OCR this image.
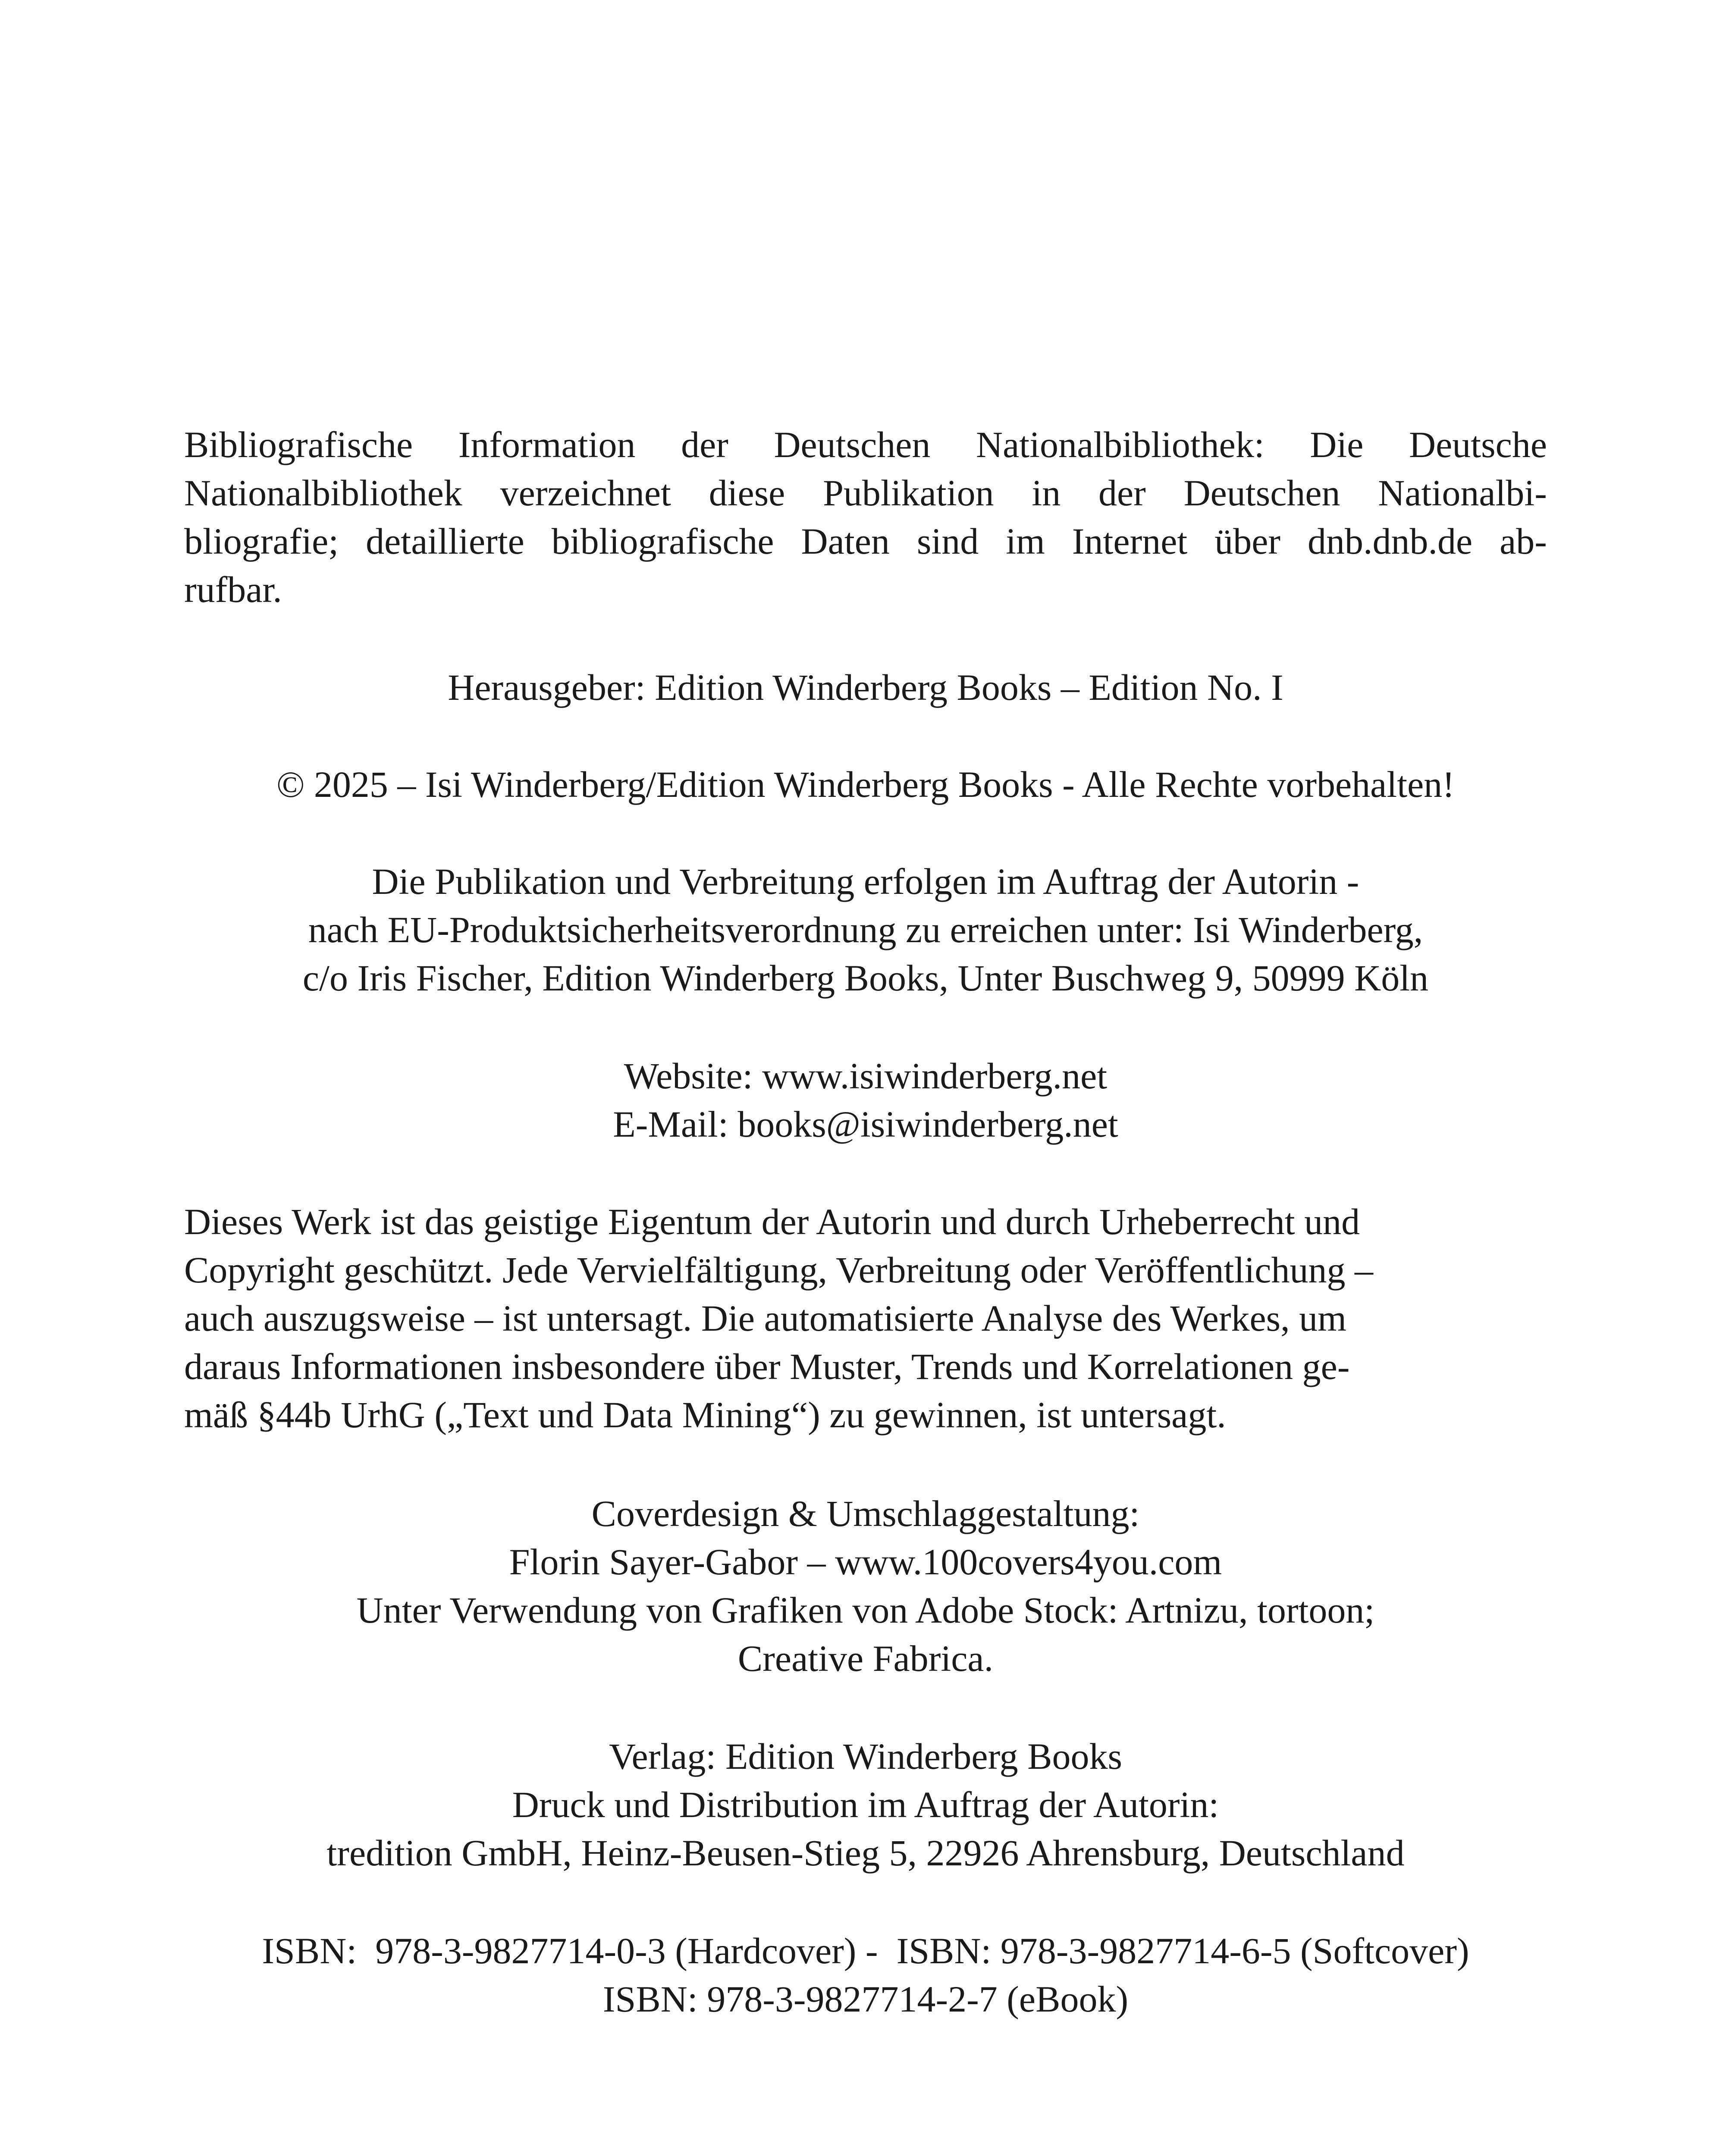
Bibliografische Information der Deutschen Nationalbibliothek: Die Deutsche
Nationalbibliothek verzeichnet diese Publikation in der Deutschen Nationalbi-
bliografie; detaillierte bibliografische Daten sind im Internet über dnb.dnb.de ab-
rufbar.
Herausgeber: Edition Winderberg Books – Edition No. I
© 2025 – Isi Winderberg/Edition Winderberg Books - Alle Rechte vorbehalten!
Die Publikation und Verbreitung erfolgen im Auftrag der Autorin -
nach EU-Produktsicherheitsverordnung zu erreichen unter: Isi Winderberg,
c/o Iris Fischer, Edition Winderberg Books, Unter Buschweg 9, 50999 Köln
Website: www.isiwinderberg.net
E-Mail: books@isiwinderberg.net
Dieses Werk ist das geistige Eigentum der Autorin und durch Urheberrecht und
Copyright geschützt. Jede Vervielfältigung, Verbreitung oder Veröffentlichung –
auch auszugsweise – ist untersagt. Die automatisierte Analyse des Werkes, um
daraus Informationen insbesondere über Muster, Trends und Korrelationen ge-
mäß §44b UrhG („Text und Data Mining“) zu gewinnen, ist untersagt.
Coverdesign & Umschlaggestaltung:
Florin Sayer-Gabor – www.100covers4you.com
Unter Verwendung von Grafiken von Adobe Stock: Artnizu, tortoon;
Creative Fabrica.
Verlag: Edition Winderberg Books
Druck und Distribution im Auftrag der Autorin:
tredition GmbH, Heinz-Beusen-Stieg 5, 22926 Ahrensburg, Deutschland
ISBN:  978-3-9827714-0-3 (Hardcover) -  ISBN: 978-3-9827714-6-5 (Softcover)
ISBN: 978-3-9827714-2-7 (eBook)
